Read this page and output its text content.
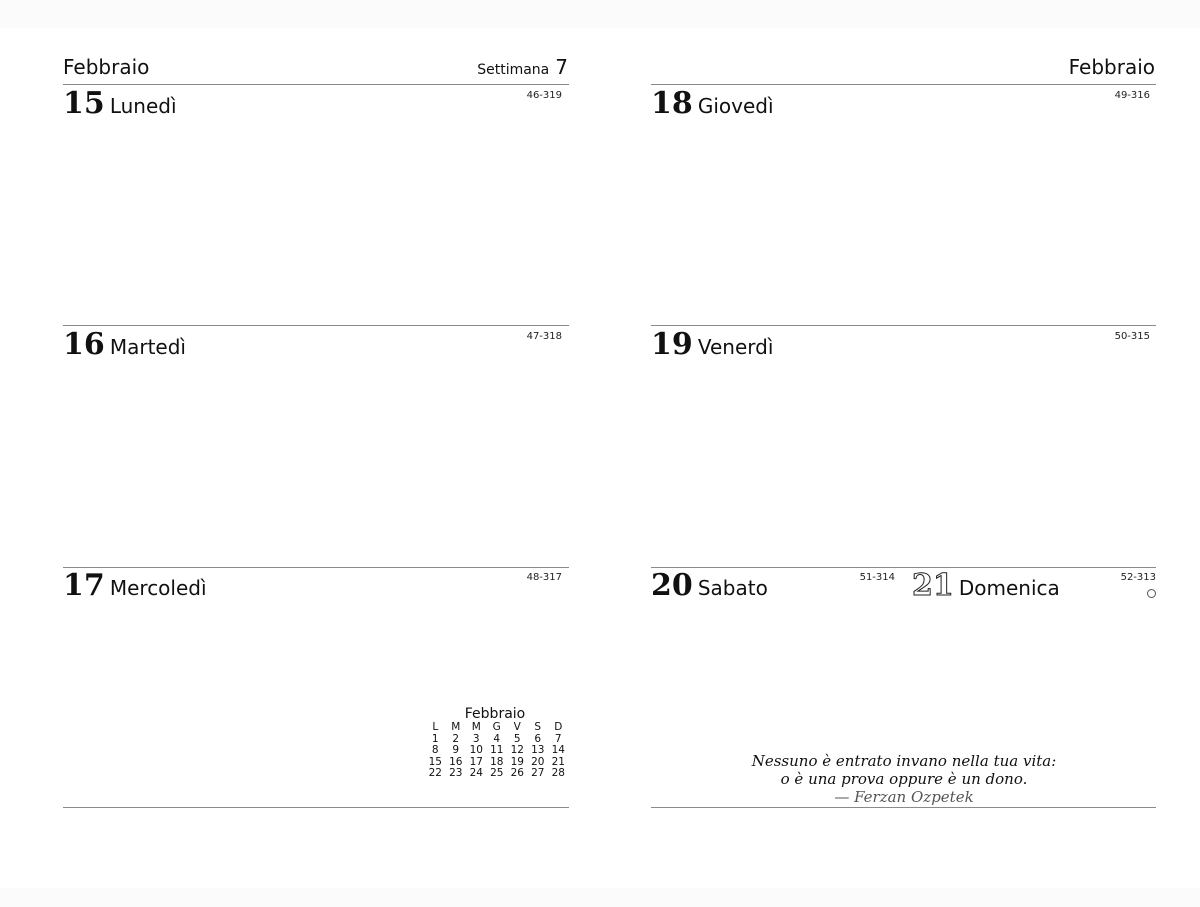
Febbraio	Settimana 7
15 Lunedì	46-319
16 Martedì	47-318
17 Mercoledì	48-317
Febbraio
L	M	M	G	V	S	D
1	2	3	4	5	6	7
8	9	10	11	12	13	14
15	16	17	18	19	20	21
22	23	24	25	26	27	28
Febbraio
18 Giovedì	49-316
19 Venerdì	50-315
20 Sabato	51-314 21 Domenica	52-313
Nessuno è entrato invano nella tua vita:
o è una prova oppure è un dono.
— Ferzan Ozpetek
